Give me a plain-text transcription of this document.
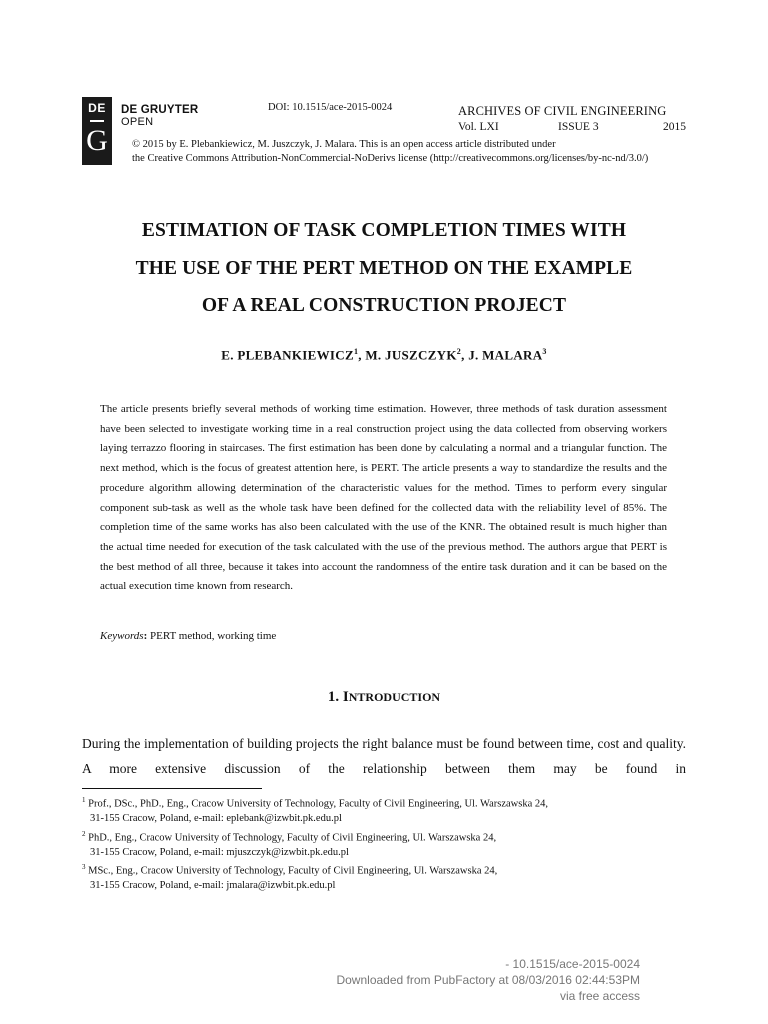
DE
G
DE GRUYTER
OPEN
DOI: 10.1515/ace-2015-0024	ARCHIVES OF CIVIL ENGINEERING
Vol. LXI	ISSUE 3	2015
© 2015 by E. Plebankiewicz, M. Juszczyk, J. Malara. This is an open access article distributed under
the Creative Commons Attribution-NonCommercial-NoDerivs license (http://creativecommons.org/licenses/by-nc-nd/3.0/)
ESTIMATION OF TASK COMPLETION TIMES WITH
THE USE OF THE PERT METHOD ON THE EXAMPLE
OF A REAL CONSTRUCTION PROJECT
E. PLEBANKIEWICZ$^1$, M. JUSZCZYK$^2$, J. MALARA$^3$
The article presents briefly several methods of working time estimation. However, three methods of task duration assessment have been selected to investigate working time in a real construction project using the data collected from observing workers laying terrazzo flooring in staircases. The first estimation has been done by calculating a normal and a triangular function. The next method, which is the focus of greatest attention here, is PERT. The article presents a way to standardize the results and the procedure algorithm allowing determination of the characteristic values for the method. Times to perform every singular component sub-task as well as the whole task have been defined for the collected data with the reliability level of 85%. The completion time of the same works has also been calculated with the use of the KNR. The obtained result is much higher than the actual time needed for execution of the task calculated with the use of the previous method. The authors argue that PERT is the best method of all three, because it takes into account the randomness of the entire task duration and it can be based on the actual execution time known from research.
Keywords: PERT method, working time
1. INTRODUCTION
During the implementation of building projects the right balance must be found between time, cost and quality. A more extensive discussion of the relationship between them may be found in
$^1$ Prof., DSc., PhD., Eng., Cracow University of Technology, Faculty of Civil Engineering, Ul. Warszawska 24,
31-155 Cracow, Poland, e-mail: eplebank@izwbit.pk.edu.pl
$^2$ PhD., Eng., Cracow University of Technology, Faculty of Civil Engineering, Ul. Warszawska 24,
31-155 Cracow, Poland, e-mail: mjuszczyk@izwbit.pk.edu.pl
$^3$ MSc., Eng., Cracow University of Technology, Faculty of Civil Engineering, Ul. Warszawska 24,
31-155 Cracow, Poland, e-mail: jmalara@izwbit.pk.edu.pl
- 10.1515/ace-2015-0024
Downloaded from PubFactory at 08/03/2016 02:44:53PM
via free access
